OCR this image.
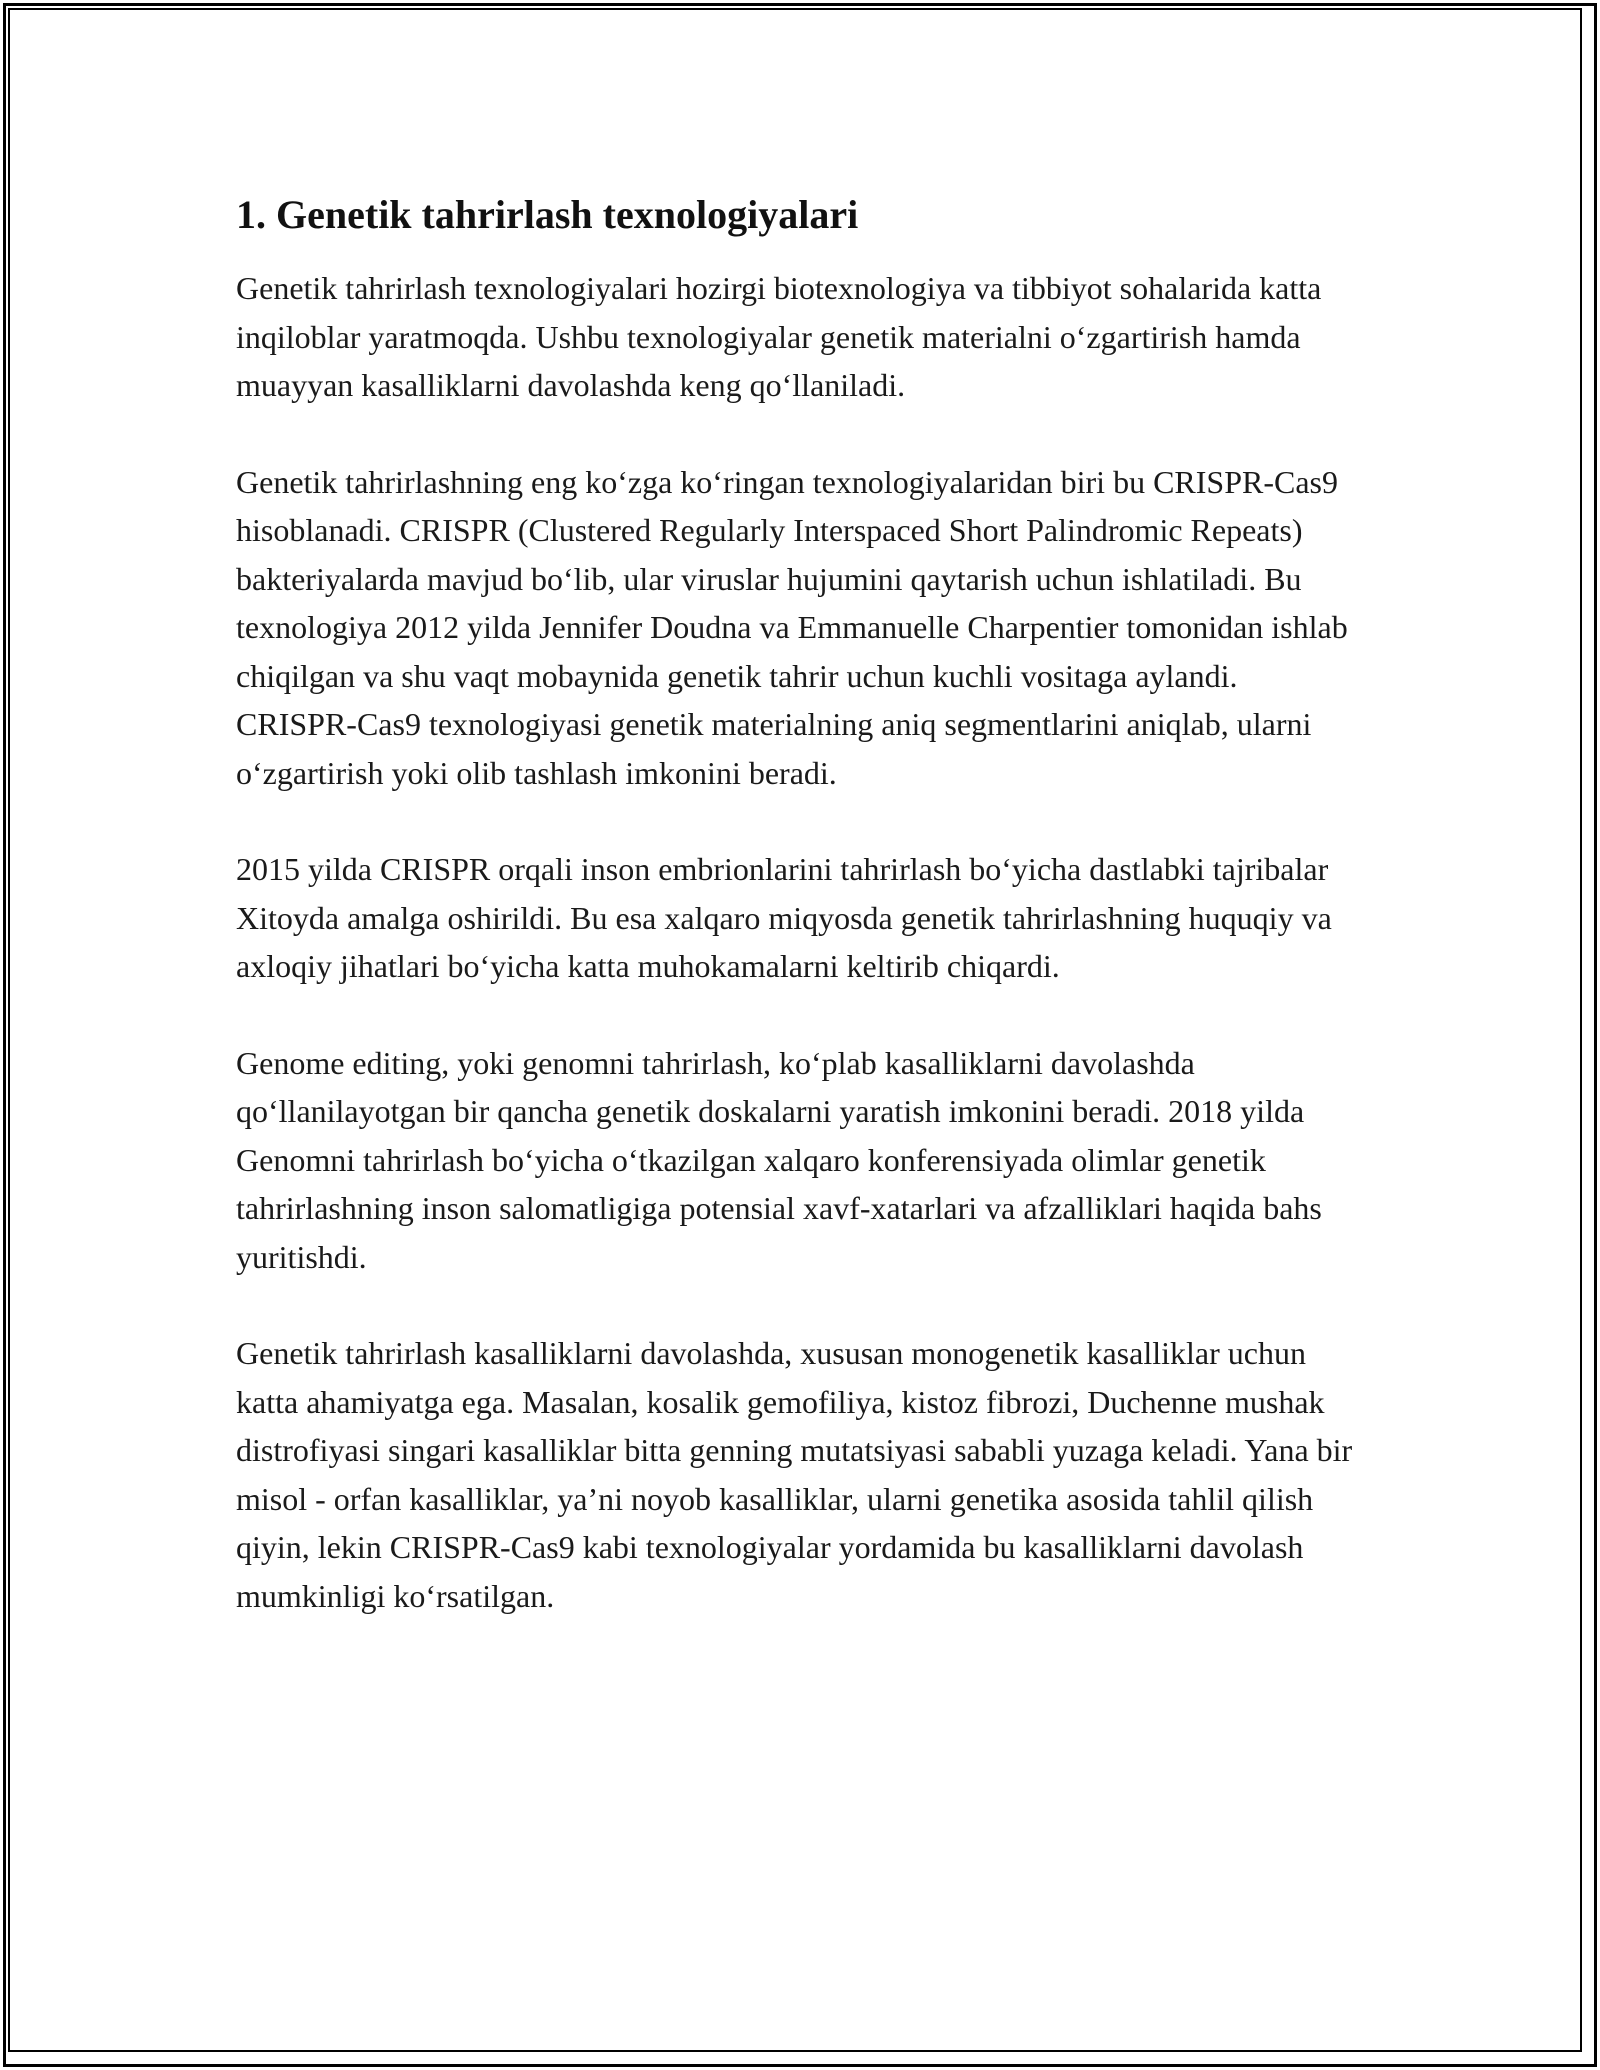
1. Genetik tahrirlash texnologiyalari

Genetik tahrirlash texnologiyalari hozirgi biotexnologiya va tibbiyot sohalarida katta inqiloblar yaratmoqda. Ushbu texnologiyalar genetik materialni o‘zgartirish hamda muayyan kasalliklarni davolashda keng qo‘llaniladi.

Genetik tahrirlashning eng ko‘zga ko‘ringan texnologiyalaridan biri bu CRISPR-Cas9 hisoblanadi. CRISPR (Clustered Regularly Interspaced Short Palindromic Repeats) bakteriyalarda mavjud bo‘lib, ular viruslar hujumini qaytarish uchun ishlatiladi. Bu texnologiya 2012 yilda Jennifer Doudna va Emmanuelle Charpentier tomonidan ishlab chiqilgan va shu vaqt mobaynida genetik tahrir uchun kuchli vositaga aylandi. CRISPR-Cas9 texnologiyasi genetik materialning aniq segmentlarini aniqlab, ularni o‘zgartirish yoki olib tashlash imkonini beradi.

2015 yilda CRISPR orqali inson embrionlarini tahrirlash bo‘yicha dastlabki tajribalar Xitoyda amalga oshirildi. Bu esa xalqaro miqyosda genetik tahrirlashning huquqiy va axloqiy jihatlari bo‘yicha katta muhokamalarni keltirib chiqardi.

Genome editing, yoki genomni tahrirlash, ko‘plab kasalliklarni davolashda qo‘llanilayotgan bir qancha genetik doskalarni yaratish imkonini beradi. 2018 yilda Genomni tahrirlash bo‘yicha o‘tkazilgan xalqaro konferensiyada olimlar genetik tahrirlashning inson salomatligiga potensial xavf-xatarlari va afzalliklari haqida bahs yuritishdi.

Genetik tahrirlash kasalliklarni davolashda, xususan monogenetik kasalliklar uchun katta ahamiyatga ega. Masalan, kosalik gemofiliya, kistoz fibrozi, Duchenne mushak distrofiyasi singari kasalliklar bitta genning mutatsiyasi sababli yuzaga keladi. Yana bir misol - orfan kasalliklar, ya’ni noyob kasalliklar, ularni genetika asosida tahlil qilish qiyin, lekin CRISPR-Cas9 kabi texnologiyalar yordamida bu kasalliklarni davolash mumkinligi ko‘rsatilgan.
